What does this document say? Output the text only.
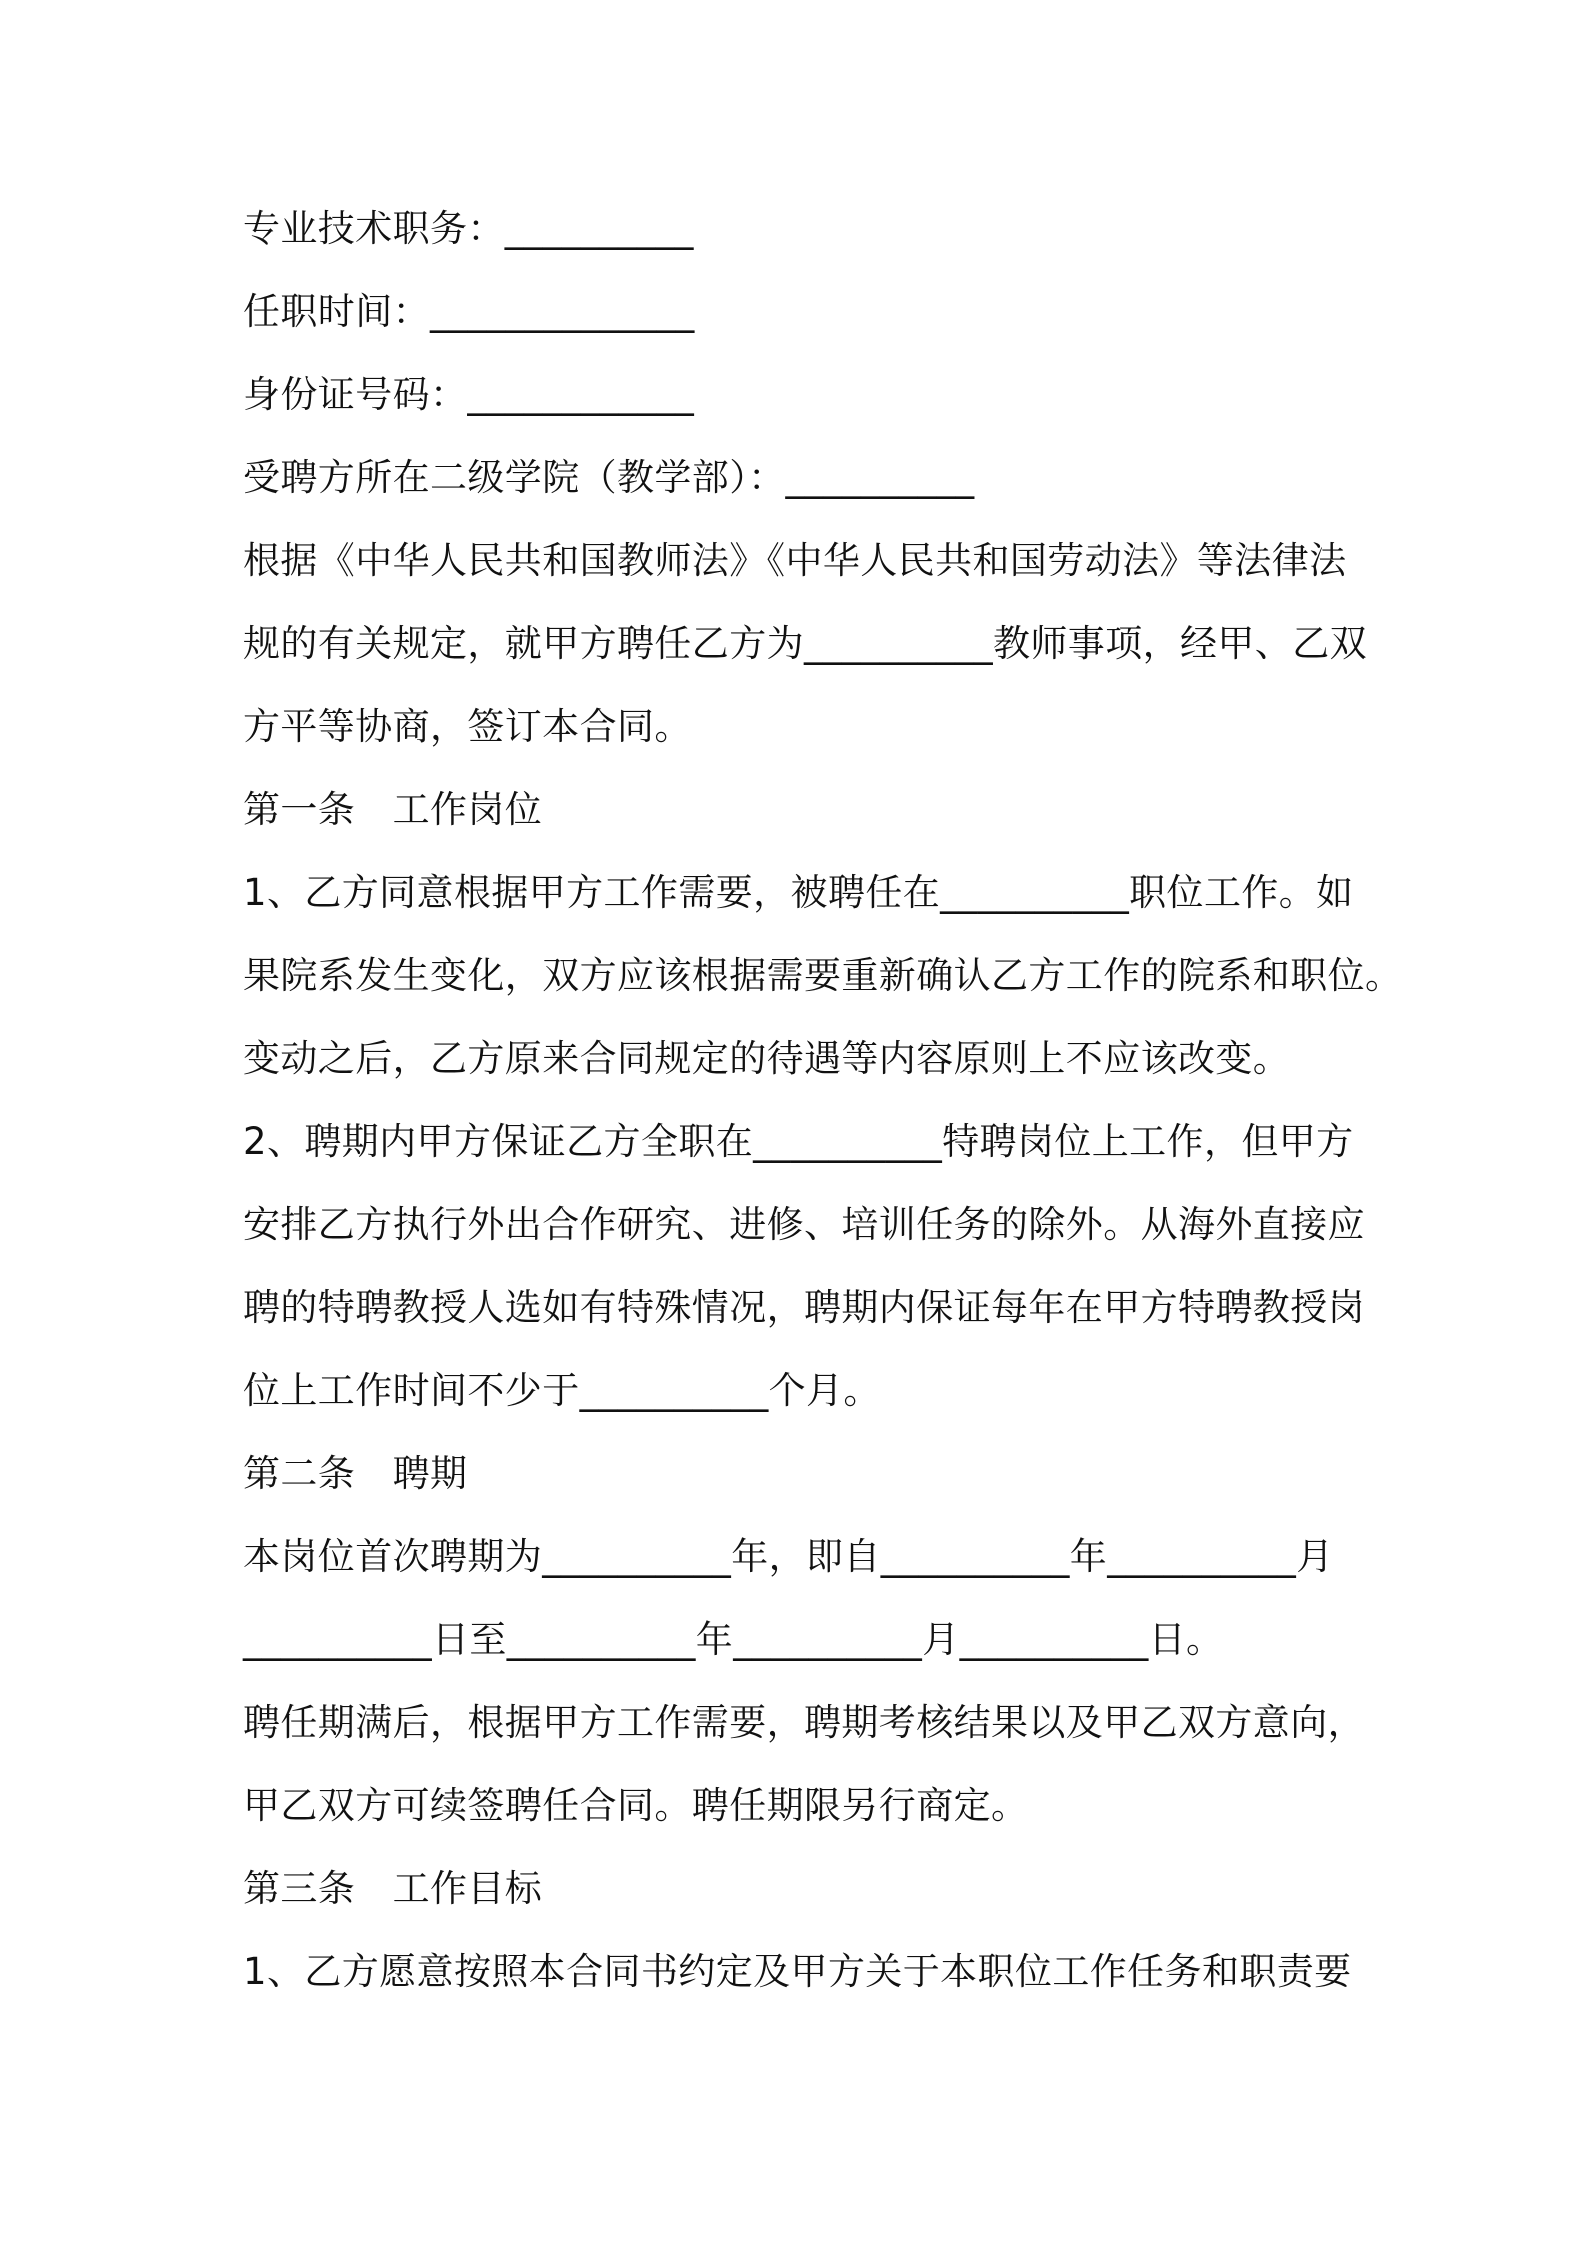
专业技术职务：__________
任职时间：______________
身份证号码：____________
受聘方所在二级学院（教学部）：__________
根据《中华人民共和国教师法》《中华人民共和国劳动法》等法律法
规的有关规定，就甲方聘任乙方为__________教师事项，经甲、乙双
方平等协商，签订本合同。
第一条　工作岗位
1、乙方同意根据甲方工作需要，被聘任在__________职位工作。如
果院系发生变化，双方应该根据需要重新确认乙方工作的院系和职位。
变动之后，乙方原来合同规定的待遇等内容原则上不应该改变。
2、聘期内甲方保证乙方全职在__________特聘岗位上工作，但甲方
安排乙方执行外出合作研究、进修、培训任务的除外。从海外直接应
聘的特聘教授人选如有特殊情况，聘期内保证每年在甲方特聘教授岗
位上工作时间不少于__________个月。
第二条　聘期
本岗位首次聘期为__________年，即自__________年__________月
__________日至__________年__________月__________日。
聘任期满后，根据甲方工作需要，聘期考核结果以及甲乙双方意向，
甲乙双方可续签聘任合同。聘任期限另行商定。
第三条　工作目标
1、乙方愿意按照本合同书约定及甲方关于本职位工作任务和职责要
